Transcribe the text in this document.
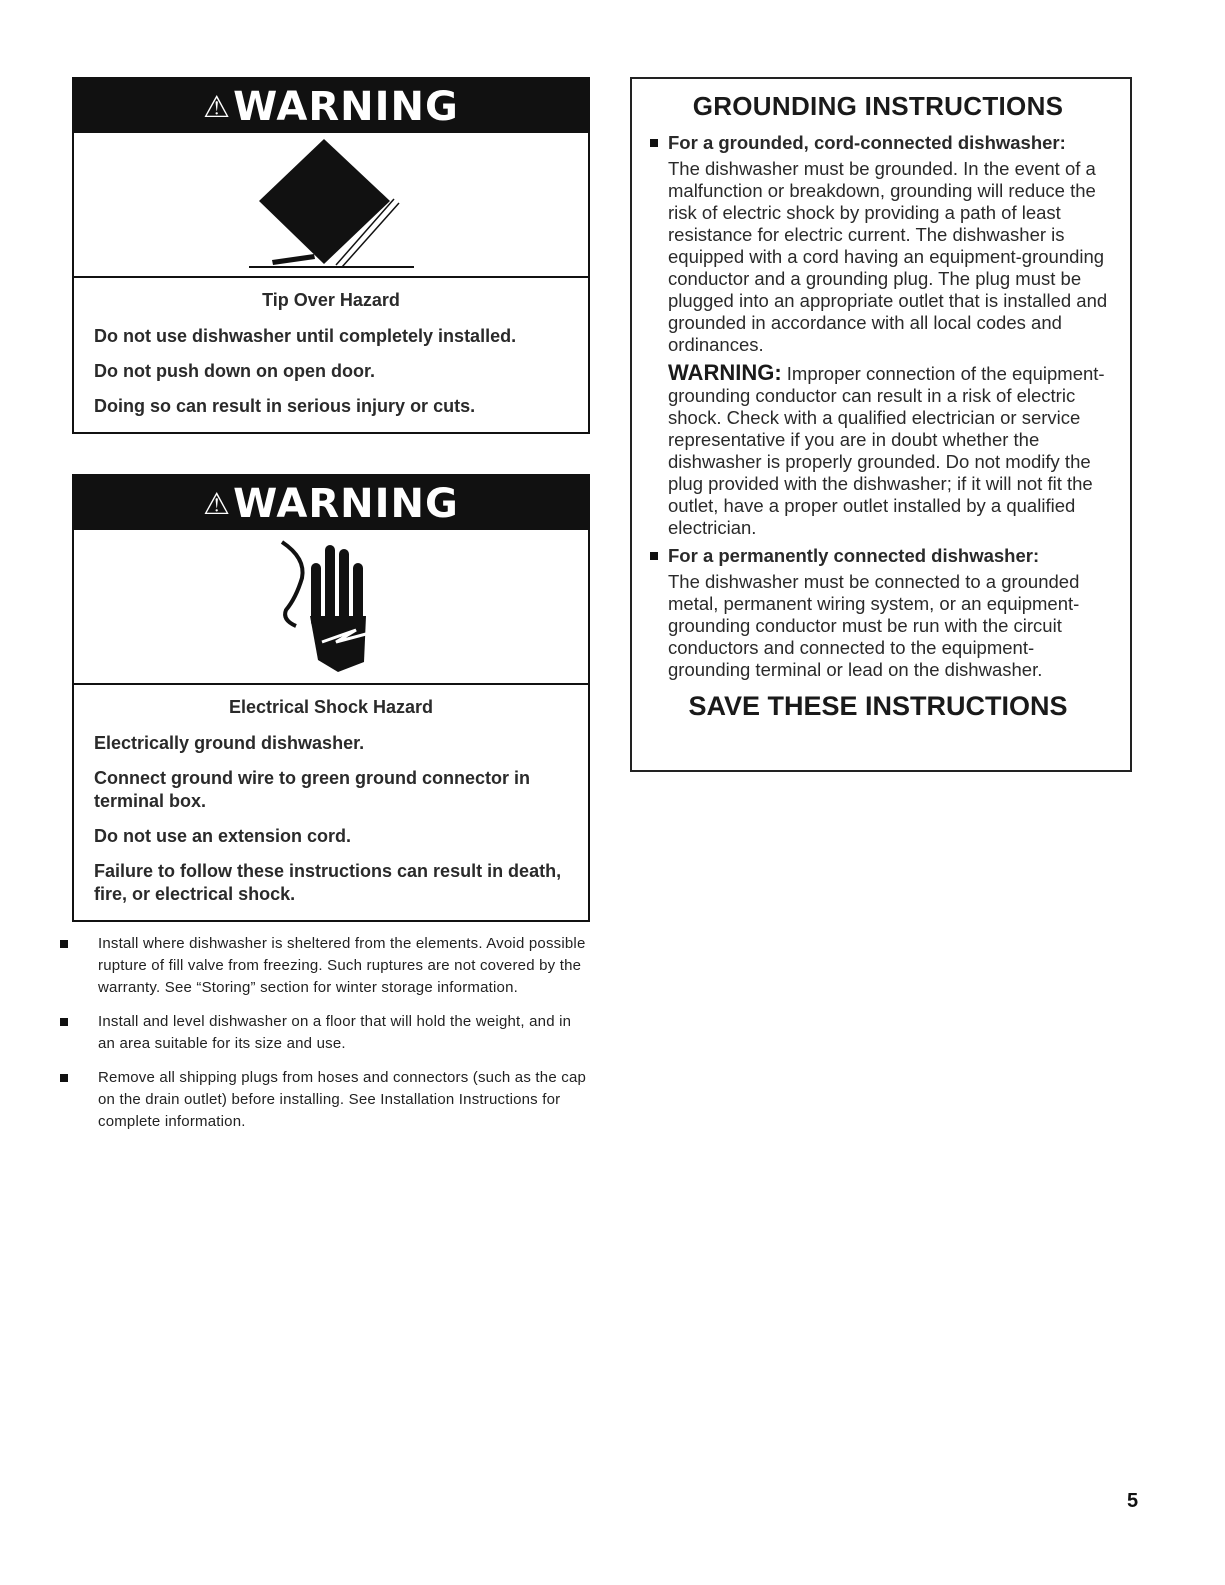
⚠WARNING
Tip Over Hazard

Do not use dishwasher until completely installed.

Do not push down on open door.

Doing so can result in serious injury or cuts.

⚠WARNING
Electrical Shock Hazard

Electrically ground dishwasher.

Connect ground wire to green ground connector in terminal box.

Do not use an extension cord.

Failure to follow these instructions can result in death, fire, or electrical shock.

Install where dishwasher is sheltered from the elements. Avoid possible rupture of fill valve from freezing. Such ruptures are not covered by the warranty. See “Storing” section for winter storage information.
Install and level dishwasher on a floor that will hold the weight, and in an area suitable for its size and use.
Remove all shipping plugs from hoses and connectors (such as the cap on the drain outlet) before installing. See Installation Instructions for complete information.
GROUNDING INSTRUCTIONS
For a grounded, cord-connected dishwasher:
The dishwasher must be grounded. In the event of a malfunction or breakdown, grounding will reduce the risk of electric shock by providing a path of least resistance for electric current. The dishwasher is equipped with a cord having an equipment-grounding conductor and a grounding plug. The plug must be plugged into an appropriate outlet that is installed and grounded in accordance with all local codes and ordinances.
WARNING: Improper connection of the equipment-grounding conductor can result in a risk of electric shock. Check with a qualified electrician or service representative if you are in doubt whether the dishwasher is properly grounded. Do not modify the plug provided with the dishwasher; if it will not fit the outlet, have a proper outlet installed by a qualified electrician.
For a permanently connected dishwasher:
The dishwasher must be connected to a grounded metal, permanent wiring system, or an equipment-grounding conductor must be run with the circuit conductors and connected to the equipment-grounding terminal or lead on the dishwasher.
SAVE THESE INSTRUCTIONS
5
